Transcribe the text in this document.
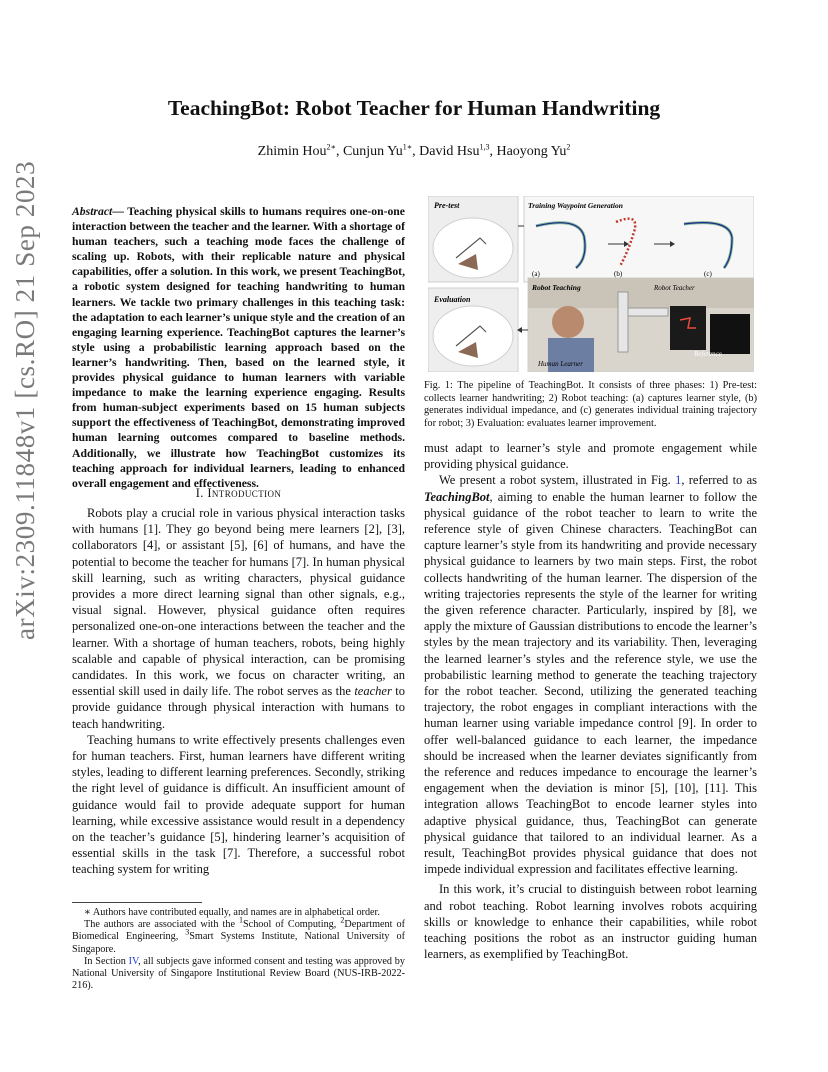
arXiv:2309.11848v1 [cs.RO] 21 Sep 2023
TeachingBot: Robot Teacher for Human Handwriting
Zhimin Hou$^{2∗}$, Cunjun $Yu^{1∗}$, David Hsu$^{1,3}$, Haoyong Yu$^2$

Abstract— Teaching physical skills to humans requires one-on-one interaction between the teacher and the learner. With a shortage of human teachers, such a teaching mode faces the challenge of scaling up. Robots, with their replicable nature and physical capabilities, offer a solution. In this work, we present TeachingBot, a robotic system designed for teaching handwriting to human learners. We tackle two primary challenges in this teaching task: the adaptation to each learner’s unique style and the creation of an engaging learning experience. TeachingBot captures the learner’s style using a probabilistic learning approach based on the learner’s handwriting. Then, based on the learned style, it provides physical guidance to human learners with variable impedance to make the learning experience engaging. Results from human-subject experiments based on 15 human subjects support the effectiveness of TeachingBot, demonstrating improved human learning outcomes compared to baseline methods. Additionally, we illustrate how TeachingBot customizes its teaching approach for individual learners, leading to enhanced overall engagement and effectiveness.

I. Introduction

Robots play a crucial role in various physical interaction tasks with humans [1]. They go beyond being mere learners [2], [3], collaborators [4], or assistant [5], [6] of humans, and have the potential to become the teacher for humans [7]. In human physical skill learning, such as writing characters, physical guidance provides a more direct learning signal than other signals, e.g., visual signal. However, physical guidance often requires personalized one-on-one interactions between the teacher and the learner. With a shortage of human teachers, robots, being highly scalable and capable of physical interaction, can be promising candidates. In this work, we focus on character writing, an essential skill used in daily life. The robot serves as the teacher to provide guidance through physical interaction with humans to teach handwriting.

Teaching humans to write effectively presents challenges even for human teachers. First, human learners have different writing styles, leading to different learning preferences. Secondly, striking the right level of guidance is difficult. An insufficient amount of guidance would fail to provide adequate support for human learning, while excessive assistance would result in a dependency on the teacher’s guidance [5], hindering learner’s acquisition of essential skills in the task [7]. Therefore, a successful robot teaching system for writing

∗ Authors have contributed equally, and names are in alphabetical order.

The authors are associated with the $^1$School of Computing, $^2$Department of Biomedical Engineering, $^3$Smart Systems Institute, National University of Singapore.

In Section IV, all subjects gave informed consent and testing was approved by National University of Singapore Institutional Review Board (NUS-IRB-2022-216).

Pre-test	Training Waypoint Generation
(a)	(b)	(c)
Evaluation
Robot Teaching	Robot Teacher
Reference
Human Learner
Fig. 1: The pipeline of TeachingBot. It consists of three phases: 1) Pre-test: collects learner handwriting; 2) Robot teaching: (a) captures learner style, (b) generates individual impedance, and (c) generates individual training trajectory for robot; 3) Evaluation: evaluates learner improvement.

must adapt to learner’s style and promote engagement while providing physical guidance.

We present a robot system, illustrated in Fig. 1, referred to as TeachingBot, aiming to enable the human learner to follow the physical guidance of the robot teacher to learn to write the reference style of given Chinese characters. TeachingBot can capture learner’s style from its handwriting and provide necessary physical guidance to learners by two main steps. First, the robot collects handwriting of the human learner. The dispersion of the writing trajectories represents the style of the learner for writing the given reference character. Particularly, inspired by [8], we apply the mixture of Gaussian distributions to encode the learner’s styles by the mean trajectory and its variability. Then, leveraging the learned learner’s styles and the reference style, we use the probabilistic learning method to generate the teaching trajectory for the robot teacher. Second, utilizing the generated teaching trajectory, the robot engages in compliant interactions with the human learner using variable impedance control [9]. In order to offer well-balanced guidance to each learner, the impedance should be increased when the learner deviates significantly from the reference and reduces impedance to encourage the learner’s engagement when the deviation is minor [5], [10], [11]. This integration allows TeachingBot to encode learner styles into adaptive physical guidance, thus, TeachingBot can generate physical guidance that tailored to an individual learner. As a result, TeachingBot provides physical guidance that does not impede individual expression and facilitates effective learning.

In this work, it’s crucial to distinguish between robot learning and robot teaching. Robot learning involves robots acquiring skills or knowledge to enhance their capabilities, while robot teaching positions the robot as an instructor guiding human learners, as exemplified by TeachingBot.
